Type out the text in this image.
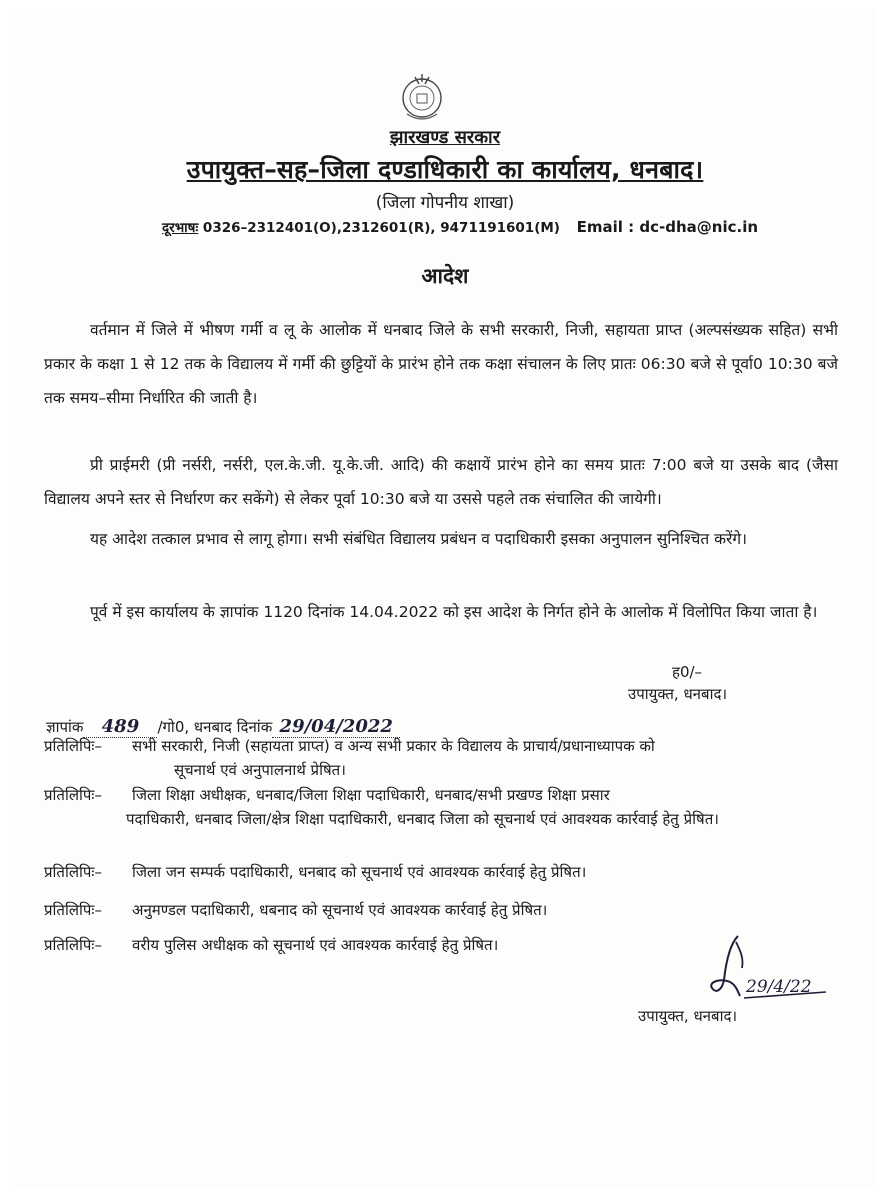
झारखण्ड सरकार
उपायुक्त–सह–जिला दण्डाधिकारी का कार्यालय, धनबाद।
(जिला गोपनीय शाखा)
दूरभाषः 0326–2312401(O),2312601(R), 9471191601(M) Email : dc-dha@nic.in
आदेश
वर्तमान में जिले में भीषण गर्मी व लू के आलोक में धनबाद जिले के सभी सरकारी, निजी, सहायता प्राप्त (अल्पसंख्यक सहित) सभी प्रकार के कक्षा 1 से 12 तक के विद्यालय में गर्मी की छुट्टियों के प्रारंभ होने तक कक्षा संचालन के लिए प्रातः 06:30 बजे से पूर्वा0 10:30 बजे तक समय–सीमा निर्धारित की जाती है।
प्री प्राईमरी (प्री नर्सरी, नर्सरी, एल.के.जी. यू.के.जी. आदि) की कक्षायें प्रारंभ होने का समय प्रातः 7:00 बजे या उसके बाद (जैसा विद्यालय अपने स्तर से निर्धारण कर सकेंगे) से लेकर पूर्वा 10:30 बजे या उससे पहले तक संचालित की जायेगी।
यह आदेश तत्काल प्रभाव से लागू होगा। सभी संबंधित विद्यालय प्रबंधन व पदाधिकारी इसका अनुपालन सुनिश्चित करेंगे।
पूर्व में इस कार्यालय के ज्ञापांक 1120 दिनांक 14.04.2022 को इस आदेश के निर्गत होने के आलोक में विलोपित किया जाता है।
ह0/–
उपायुक्त, धनबाद।
ज्ञापांक 489 /गो0, धनबाद दिनांक 29/04/2022
प्रतिलिपिः– सभी सरकारी, निजी (सहायता प्राप्त) व अन्य सभी प्रकार के विद्यालय के प्राचार्य/प्रधानाध्यापक को
सूचनार्थ एवं अनुपालनार्थ प्रेषित।
प्रतिलिपिः– जिला शिक्षा अधीक्षक, धनबाद/जिला शिक्षा पदाधिकारी, धनबाद/सभी प्रखण्ड शिक्षा प्रसार
पदाधिकारी, धनबाद जिला/क्षेत्र शिक्षा पदाधिकारी, धनबाद जिला को सूचनार्थ एवं आवश्यक कार्रवाई हेतु प्रेषित।
प्रतिलिपिः– जिला जन सम्पर्क पदाधिकारी, धनबाद को सूचनार्थ एवं आवश्यक कार्रवाई हेतु प्रेषित।
प्रतिलिपिः– अनुमण्डल पदाधिकारी, धबनाद को सूचनार्थ एवं आवश्यक कार्रवाई हेतु प्रेषित।
प्रतिलिपिः– वरीय पुलिस अधीक्षक को सूचनार्थ एवं आवश्यक कार्रवाई हेतु प्रेषित।
29/4/22
उपायुक्त, धनबाद।
